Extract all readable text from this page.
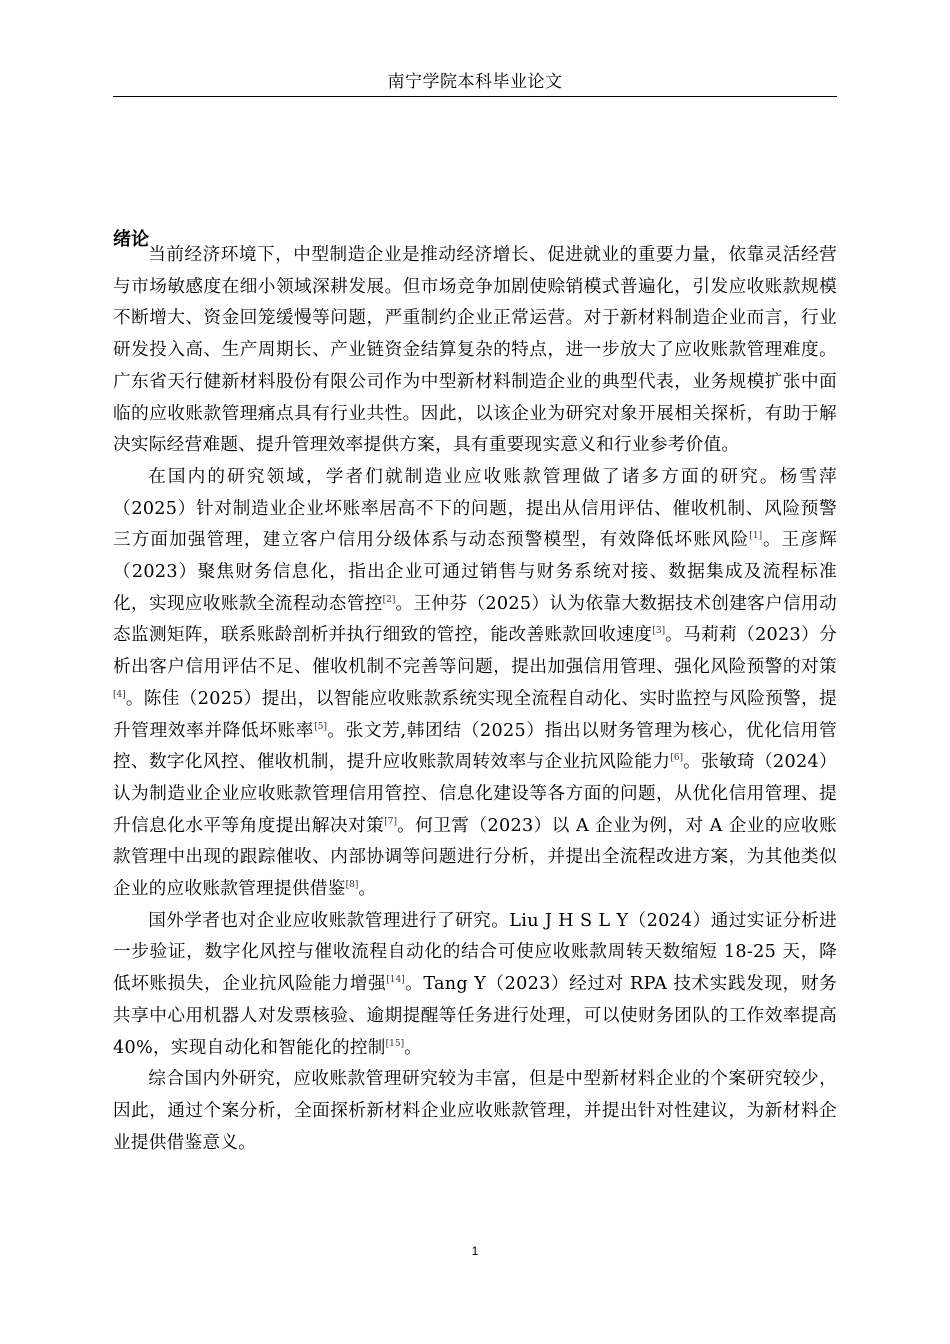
南宁学院本科毕业论文
绪论

当前经济环境下，中型制造企业是推动经济增长、促进就业的重要力量，依靠灵活经营与市场敏感度在细小领域深耕发展。但市场竞争加剧使赊销模式普遍化，引发应收账款规模不断增大、资金回笼缓慢等问题，严重制约企业正常运营。对于新材料制造企业而言，行业研发投入高、生产周期长、产业链资金结算复杂的特点，进一步放大了应收账款管理难度。广东省天行健新材料股份有限公司作为中型新材料制造企业的典型代表，业务规模扩张中面临的应收账款管理痛点具有行业共性。因此，以该企业为研究对象开展相关探析，有助于解决实际经营难题、提升管理效率提供方案，具有重要现实意义和行业参考价值。

在国内的研究领域，学者们就制造业应收账款管理做了诸多方面的研究。杨雪萍（2025）针对制造业企业坏账率居高不下的问题，提出从信用评估、催收机制、风险预警三方面加强管理，建立客户信用分级体系与动态预警模型，有效降低坏账风险[1]。王彦辉（2023）聚焦财务信息化，指出企业可通过销售与财务系统对接、数据集成及流程标准化，实现应收账款全流程动态管控[2]。王仲芬（2025）认为依靠大数据技术创建客户信用动态监测矩阵，联系账龄剖析并执行细致的管控，能改善账款回收速度[3]。马莉莉（2023）分析出客户信用评估不足、催收机制不完善等问题，提出加强信用管理、强化风险预警的对策[4]。陈佳（2025）提出，以智能应收账款系统实现全流程自动化、实时监控与风险预警，提升管理效率并降低坏账率[5]。张文芳,韩团结（2025）指出以财务管理为核心，优化信用管控、数字化风控、催收机制，提升应收账款周转效率与企业抗风险能力[6]。张敏琦（2024）认为制造业企业应收账款管理信用管控、信息化建设等各方面的问题，从优化信用管理、提升信息化水平等角度提出解决对策[7]。何卫霄（2023）以 A 企业为例，对 A 企业的应收账款管理中出现的跟踪催收、内部协调等问题进行分析，并提出全流程改进方案，为其他类似企业的应收账款管理提供借鉴[8]。

国外学者也对企业应收账款管理进行了研究。Liu J H S L Y（2024）通过实证分析进一步验证，数字化风控与催收流程自动化的结合可使应收账款周转天数缩短 18-25 天，降低坏账损失，企业抗风险能力增强[14]。Tang Y（2023）经过对 RPA 技术实践发现，财务共享中心用机器人对发票核验、逾期提醒等任务进行处理，可以使财务团队的工作效率提高 40%，实现自动化和智能化的控制[15]。

综合国内外研究，应收账款管理研究较为丰富，但是中型新材料企业的个案研究较少，因此，通过个案分析，全面探析新材料企业应收账款管理，并提出针对性建议，为新材料企业提供借鉴意义。

1
